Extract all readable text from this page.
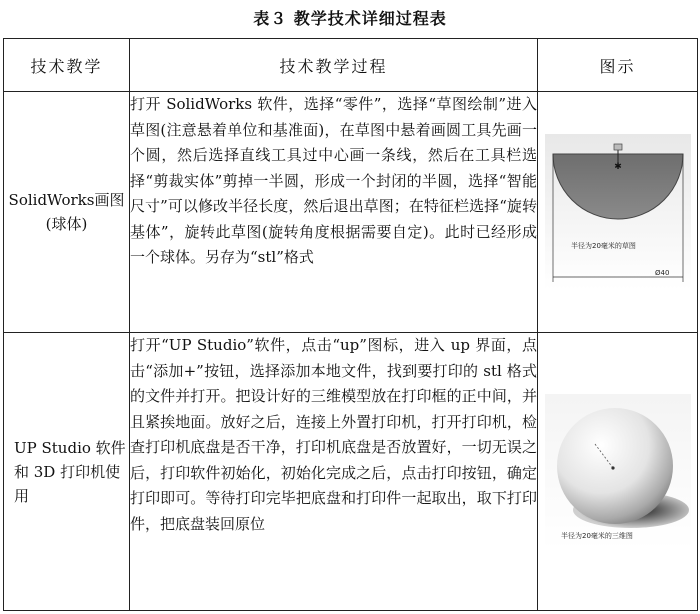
表３ 教学技术详细过程表
技术教学	技术教学过程	图示
SolidWorks画图(球体)	打开 SolidWorks 软件，选择“零件”，选择“草图绘制”进入草图(注意悬着单位和基准面)，在草图中悬着画圆工具先画一个圆，然后选择直线工具过中心画一条线，然后在工具栏选择“剪裁实体”剪掉一半圆，形成一个封闭的半圆，选择“智能尺寸”可以修改半径长度，然后退出草图；在特征栏选择“旋转基体”，旋转此草图(旋转角度根据需要自定)。此时已经形成一个球体。另存为“stl”格式	✱
半径为20毫米的草图
Ø40

UP Studio 软件和 3D 打印机使用	打开“UP Studio”软件，点击“up”图标，进入 up 界面，点击“添加+”按钮，选择添加本地文件，找到要打印的 stl 格式的文件并打开。把设计好的三维模型放在打印框的正中间，并且紧挨地面。放好之后，连接上外置打印机，打开打印机，检查打印机底盘是否干净，打印机底盘是否放置好，一切无误之后，打印软件初始化，初始化完成之后，点击打印按钮，确定打印即可。等待打印完毕把底盘和打印件一起取出，取下打印件，把底盘装回原位	半径为20毫米的三维图
